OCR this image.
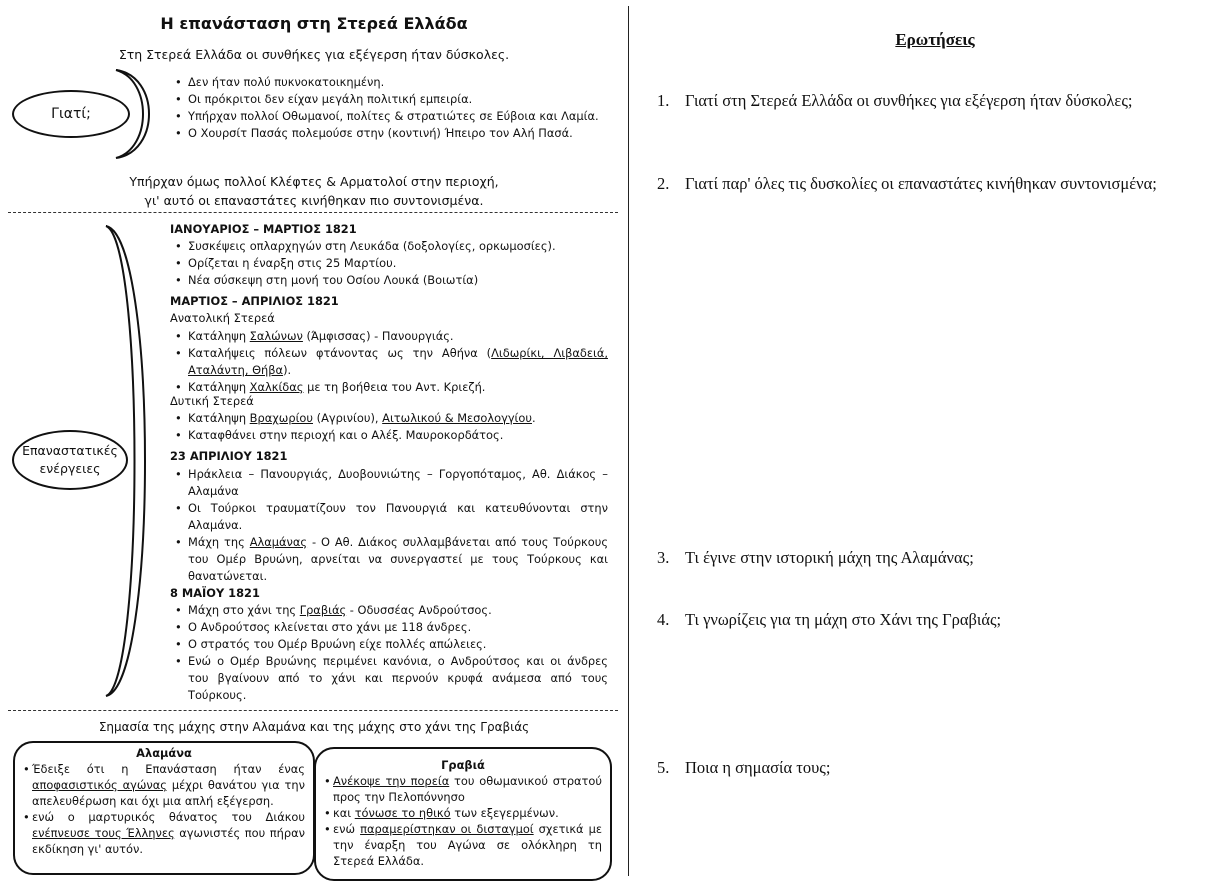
Η επανάσταση στη Στερεά Ελλάδα
Στη Στερεά Ελλάδα οι συνθήκες για εξέγερση ήταν δύσκολες.
Γιατί;
• Δεν ήταν πολύ πυκνοκατοικημένη.
• Οι πρόκριτοι δεν είχαν μεγάλη πολιτική εμπειρία.
• Υπήρχαν πολλοί Οθωμανοί, πολίτες & στρατιώτες σε Εύβοια και Λαμία.
• Ο Χουρσίτ Πασάς πολεμούσε στην (κοντινή) Ήπειρο τον Αλή Πασά.
Υπήρχαν όμως πολλοί Κλέφτες & Αρματολοί στην περιοχή,
γι' αυτό οι επαναστάτες κινήθηκαν πιο συντονισμένα.
Επαναστατικές
ενέργειες
ΙΑΝΟΥΑΡΙΟΣ – ΜΑΡΤΙΟΣ 1821
• Συσκέψεις οπλαρχηγών στη Λευκάδα (δοξολογίες, ορκωμοσίες).
• Ορίζεται η έναρξη στις 25 Μαρτίου.
• Νέα σύσκεψη στη μονή του Οσίου Λουκά (Βοιωτία)
ΜΑΡΤΙΟΣ – ΑΠΡΙΛΙΟΣ 1821
Ανατολική Στερεά
• Κατάληψη Σαλώνων (Άμφισσας) - Πανουργιάς.
• Καταλήψεις πόλεων φτάνοντας ως την Αθήνα (Λιδωρίκι, Λιβαδειά, Αταλάντη, Θήβα).
• Κατάληψη Χαλκίδας με τη βοήθεια του Αντ. Κριεζή.
Δυτική Στερεά
• Κατάληψη Βραχωρίου (Αγρινίου), Αιτωλικού & Μεσολογγίου.
• Καταφθάνει στην περιοχή και ο Αλέξ. Μαυροκορδάτος.
23 ΑΠΡΙΛΙΟΥ 1821
• Ηράκλεια – Πανουργιάς, Δυοβουνιώτης – Γοργοπόταμος, Αθ. Διάκος – Αλαμάνα
• Οι Τούρκοι τραυματίζουν τον Πανουργιά και κατευθύνονται στην Αλαμάνα.
• Μάχη της Αλαμάνας - Ο Αθ. Διάκος συλλαμβάνεται από τους Τούρκους του Ομέρ Βρυώνη, αρνείται να συνεργαστεί με τους Τούρκους και θανατώνεται.
8 ΜΑΪΟΥ 1821
• Μάχη στο χάνι της Γραβιάς - Οδυσσέας Ανδρούτσος.
• Ο Ανδρούτσος κλείνεται στο χάνι με 118 άνδρες.
• Ο στρατός του Ομέρ Βρυώνη είχε πολλές απώλειες.
• Ενώ ο Ομέρ Βρυώνης περιμένει κανόνια, ο Ανδρούτσος και οι άνδρες του βγαίνουν από το χάνι και περνούν κρυφά ανάμεσα από τους Τούρκους.
Σημασία της μάχης στην Αλαμάνα και της μάχης στο χάνι της Γραβιάς
Αλαμάνα
• Έδειξε ότι η Επανάσταση ήταν ένας αποφασιστικός αγώνας μέχρι θανάτου για την απελευθέρωση και όχι μια απλή εξέγερση.
• ενώ ο μαρτυρικός θάνατος του Διάκου ενέπνευσε τους Έλληνες αγωνιστές που πήραν εκδίκηση γι' αυτόν.
Γραβιά
• Ανέκοψε την πορεία του οθωμανικού στρατού προς την Πελοπόννησο
• και τόνωσε το ηθικό των εξεγερμένων.
• ενώ παραμερίστηκαν οι δισταγμοί σχετικά με την έναρξη του Αγώνα σε ολόκληρη τη Στερεά Ελλάδα.
Ερωτήσεις
1. Γιατί στη Στερεά Ελλάδα οι συνθήκες για εξέγερση ήταν δύσκολες;
2. Γιατί παρ' όλες τις δυσκολίες οι επαναστάτες κινήθηκαν συντονισμένα;
3. Τι έγινε στην ιστορική μάχη της Αλαμάνας;
4. Τι γνωρίζεις για τη μάχη στο Χάνι της Γραβιάς;
5. Ποια η σημασία τους;
